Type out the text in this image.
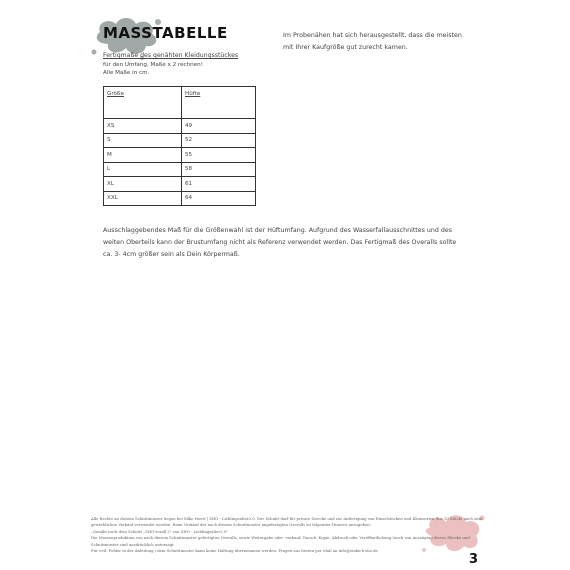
MASSTABELLE
Fertigmaße des genähten Kleidungsstückes
für den Umfang, Maße x 2 rechnen!
Alle Maße in cm.
Im Probenähen hat sich herausgestellt, dass die meisten mit Ihrer Kaufgröße gut zurecht kamen.
Größe	Hüfte
XS	49
S	52
M	55
L	58
XL	61
XXL	64
Ausschlaggebendes Maß für die Größenwahl ist der Hüftumfang. Aufgrund des Wasserfallausschnittes und des weiten Oberteils kann der Brustumfang nicht als Referenz verwendet werden. Das Fertigmaß des Overalls sollte ca. 3- 4cm größer sein als Dein Körpermaß.
Alle Rechte an diesem Schnittmuster liegen bei Silke Hoerl | SHO - Lieblingsalter2.0. Der Schnitt darf für private Zwecke und zur Anfertigung von Einzelstücken und Kleinserien (bis 10 Stück) nach zum gewerblichen Verkauf verwendet werden. Beim Verkauf der nach diesem Schnittmuster angefertigten Overalls ist folgender Hinweis anzugeben:
„Genäht nach dem Schnitt „SHO'verall 2" von SHO - Lieblingsalter2.0"
Die Massenproduktion von nach diesem Schnittmuster gefertigten Overalls, sowie Weitergabe oder -verkauf, Tausch, Kopie, Abdruck oder Veröffentlichung (auch von Auszügen) dieses Ebooks und Schnittmuster sind ausdrücklich untersagt.
Für evtl. Fehler in der Anleitung / dem Schnittmuster kann keine Haftung übernommen werden. Fragen aus besten per Mail an info@einfach-sho.de
3
